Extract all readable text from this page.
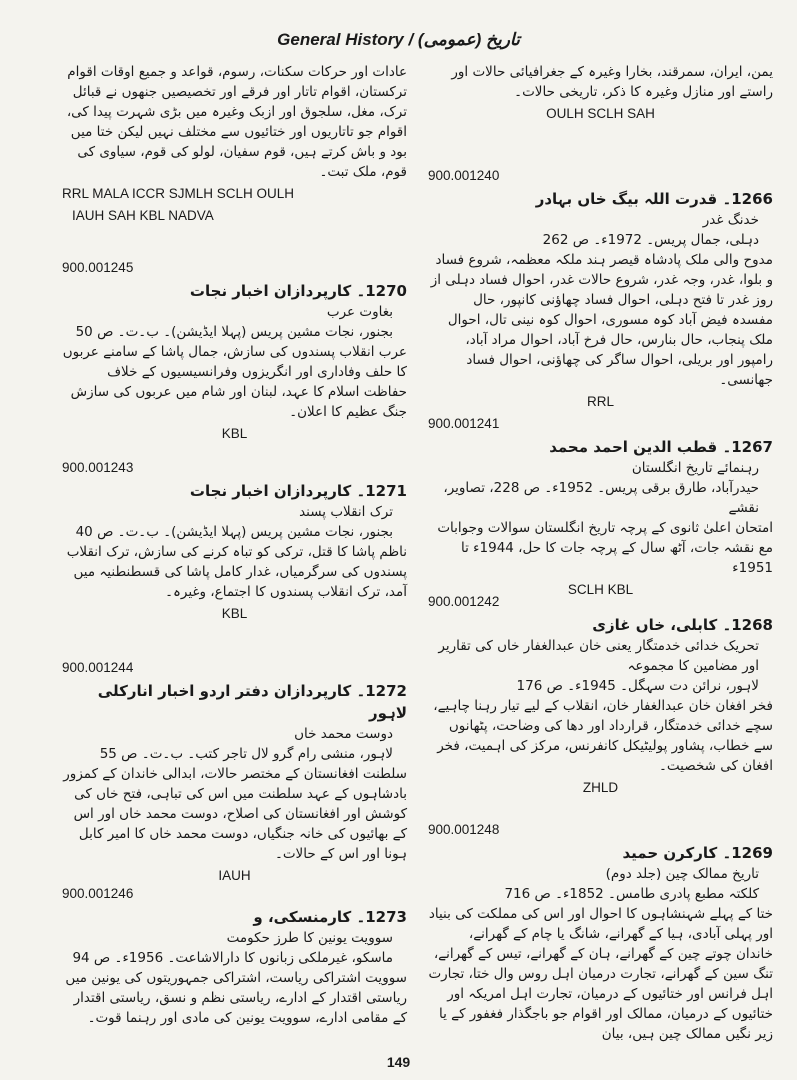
General History / (عمومی) تاریخ

یمن، ایران، سمرقند، بخارا وغیرہ کے جغرافیائی حالات اور راستے اور منازل وغیرہ کا ذکر، تاریخی حالات۔

OULH SCLH SAH

900.001240

1266۔ قدرت اللہ بیگ خاں بہادر

خدنگ غدر

دہلی، جمال پریس۔ 1972ء۔ ص 262

مدوح والی ملک پادشاہ قیصر ہند ملکہ معظمہ، شروع فساد و بلوا، غدر، وجہ غدر، شروع حالات غدر، احوال فساد دہلی از روز غدر تا فتح دہلی، احوال فساد چھاؤنی کانپور، حال مفسدہ فیض آباد کوہ مسوری، احوال کوہ نینی تال، احوال ملک پنجاب، حال بنارس، حال فرخ آباد، احوال مراد آباد، رامپور اور بریلی، احوال ساگر کی چھاؤنی، احوال فساد جھانسی۔

RRL

900.001241

1267۔ قطب الدین احمد محمد

رہنمائے تاریخ انگلستان

حیدرآباد، طارق برقی پریس۔ 1952ء۔ ص 228، تصاویر، نقشے

امتحان اعلیٰ ثانوی کے پرچہ تاریخ انگلستان سوالات وجوابات مع نقشہ جات، آٹھ سال کے پرچہ جات کا حل، 1944ء تا 1951ء

SCLH KBL

900.001242

1268۔ کابلی، خاں غازی

تحریک خدائی خدمتگار یعنی خان عبدالغفار خاں کی تقاریر اور مضامین کا مجموعہ

لاہور، نرائن دت سہگل۔ 1945ء۔ ص 176

فخر افغان خان عبدالغفار خان، انقلاب کے لیے تیار رہنا چاہیے، سچے خدائی خدمتگار، قرارداد اور دھا کی وضاحت، پٹھانوں سے خطاب، پشاور پولیٹیکل کانفرنس، مرکز کی اہمیت، فخر افغان کی شخصیت۔

ZHLD

900.001248

1269۔ کارکرن حمید

تاریخ ممالک چین (جلد دوم)

کلکتہ مطبع پادری طامس۔ 1852ء۔ ص 716

ختا کے پہلے شہنشاہوں کا احوال اور اس کی مملکت کی بنیاد اور پہلی آبادی، ہیا کے گھرانے، شانگ یا چام کے گھرانے، خاندان چوتے چین کے گھرانے، ہان کے گھرانے، تیس کے گھرانے، تنگ سین کے گھرانے، تجارت درمیان اہل روس وال ختا، تجارت اہل فرانس اور ختائیوں کے درمیان، تجارت اہل امریکہ اور ختائیوں کے درمیان، ممالک اور اقوام جو باجگذار فغفور کے یا زیر نگیں ممالک چین ہیں، بیان

عادات اور حرکات سکنات، رسوم، قواعد و جمیع اوقات اقوام ترکستان، اقوام تاتار اور فرقے اور تخصیصیں جنھوں نے قبائل ترک، مغل، سلجوق اور ازبک وغیرہ میں بڑی شہرت پیدا کی، اقوام جو تاتاریوں اور ختائیوں سے مختلف نہیں لیکن ختا میں بود و باش کرتے ہیں، قوم سفیان، لولو کی قوم، سیاوی کی قوم، ملک تبت۔

RRL MALA ICCR SJMLH SCLH OULH

IAUH SAH KBL NADVA

900.001245

1270۔ کارپردازان اخبار نجات

بغاوت عرب

بجنور، نجات مشین پریس (پہلا ایڈیشن)۔ ب۔ت۔ ص 50

عرب انقلاب پسندوں کی سازش، جمال پاشا کے سامنے عربوں کا حلف وفاداری اور انگریزوں وفرانسیسیوں کے خلاف حفاظت اسلام کا عہد، لبنان اور شام میں عربوں کی سازش جنگ عظیم کا اعلان۔

KBL

900.001243

1271۔ کارپردازان اخبار نجات

ترک انقلاب پسند

بجنور، نجات مشین پریس (پہلا ایڈیشن)۔ ب۔ت۔ ص 40

ناظم پاشا کا قتل، ترکی کو تباہ کرنے کی سازش، ترک انقلاب پسندوں کی سرگرمیاں، غدار کامل پاشا کی قسطنطنیہ میں آمد، ترک انقلاب پسندوں کا اجتماع، وغیرہ۔

KBL

900.001244

1272۔ کارپردازان دفتر اردو اخبار انارکلی لاہور

دوست محمد خاں

لاہور، منشی رام گرو لال تاجر کتب۔ ب۔ت۔ ص 55

سلطنت افغانستان کے مختصر حالات، ابدالی خاندان کے کمزور بادشاہوں کے عہد سلطنت میں اس کی تباہی، فتح خاں کی کوشش اور افغانستان کی اصلاح، دوست محمد خاں اور اس کے بھائیوں کی خانہ جنگیاں، دوست محمد خاں کا امیر کابل ہونا اور اس کے حالات۔

IAUH

900.001246

1273۔ کارمنسکی، و

سوویت یونین کا طرز حکومت

ماسکو، غیرملکی زبانوں کا دارالاشاعت۔ 1956ء۔ ص 94

سوویت اشتراکی ریاست، اشتراکی جمہوریتوں کی یونین میں ریاستی اقتدار کے ادارے، ریاستی نظم و نسق، ریاستی اقتدار کے مقامی ادارے، سوویت یونین کی مادی اور رہنما قوت۔

149
